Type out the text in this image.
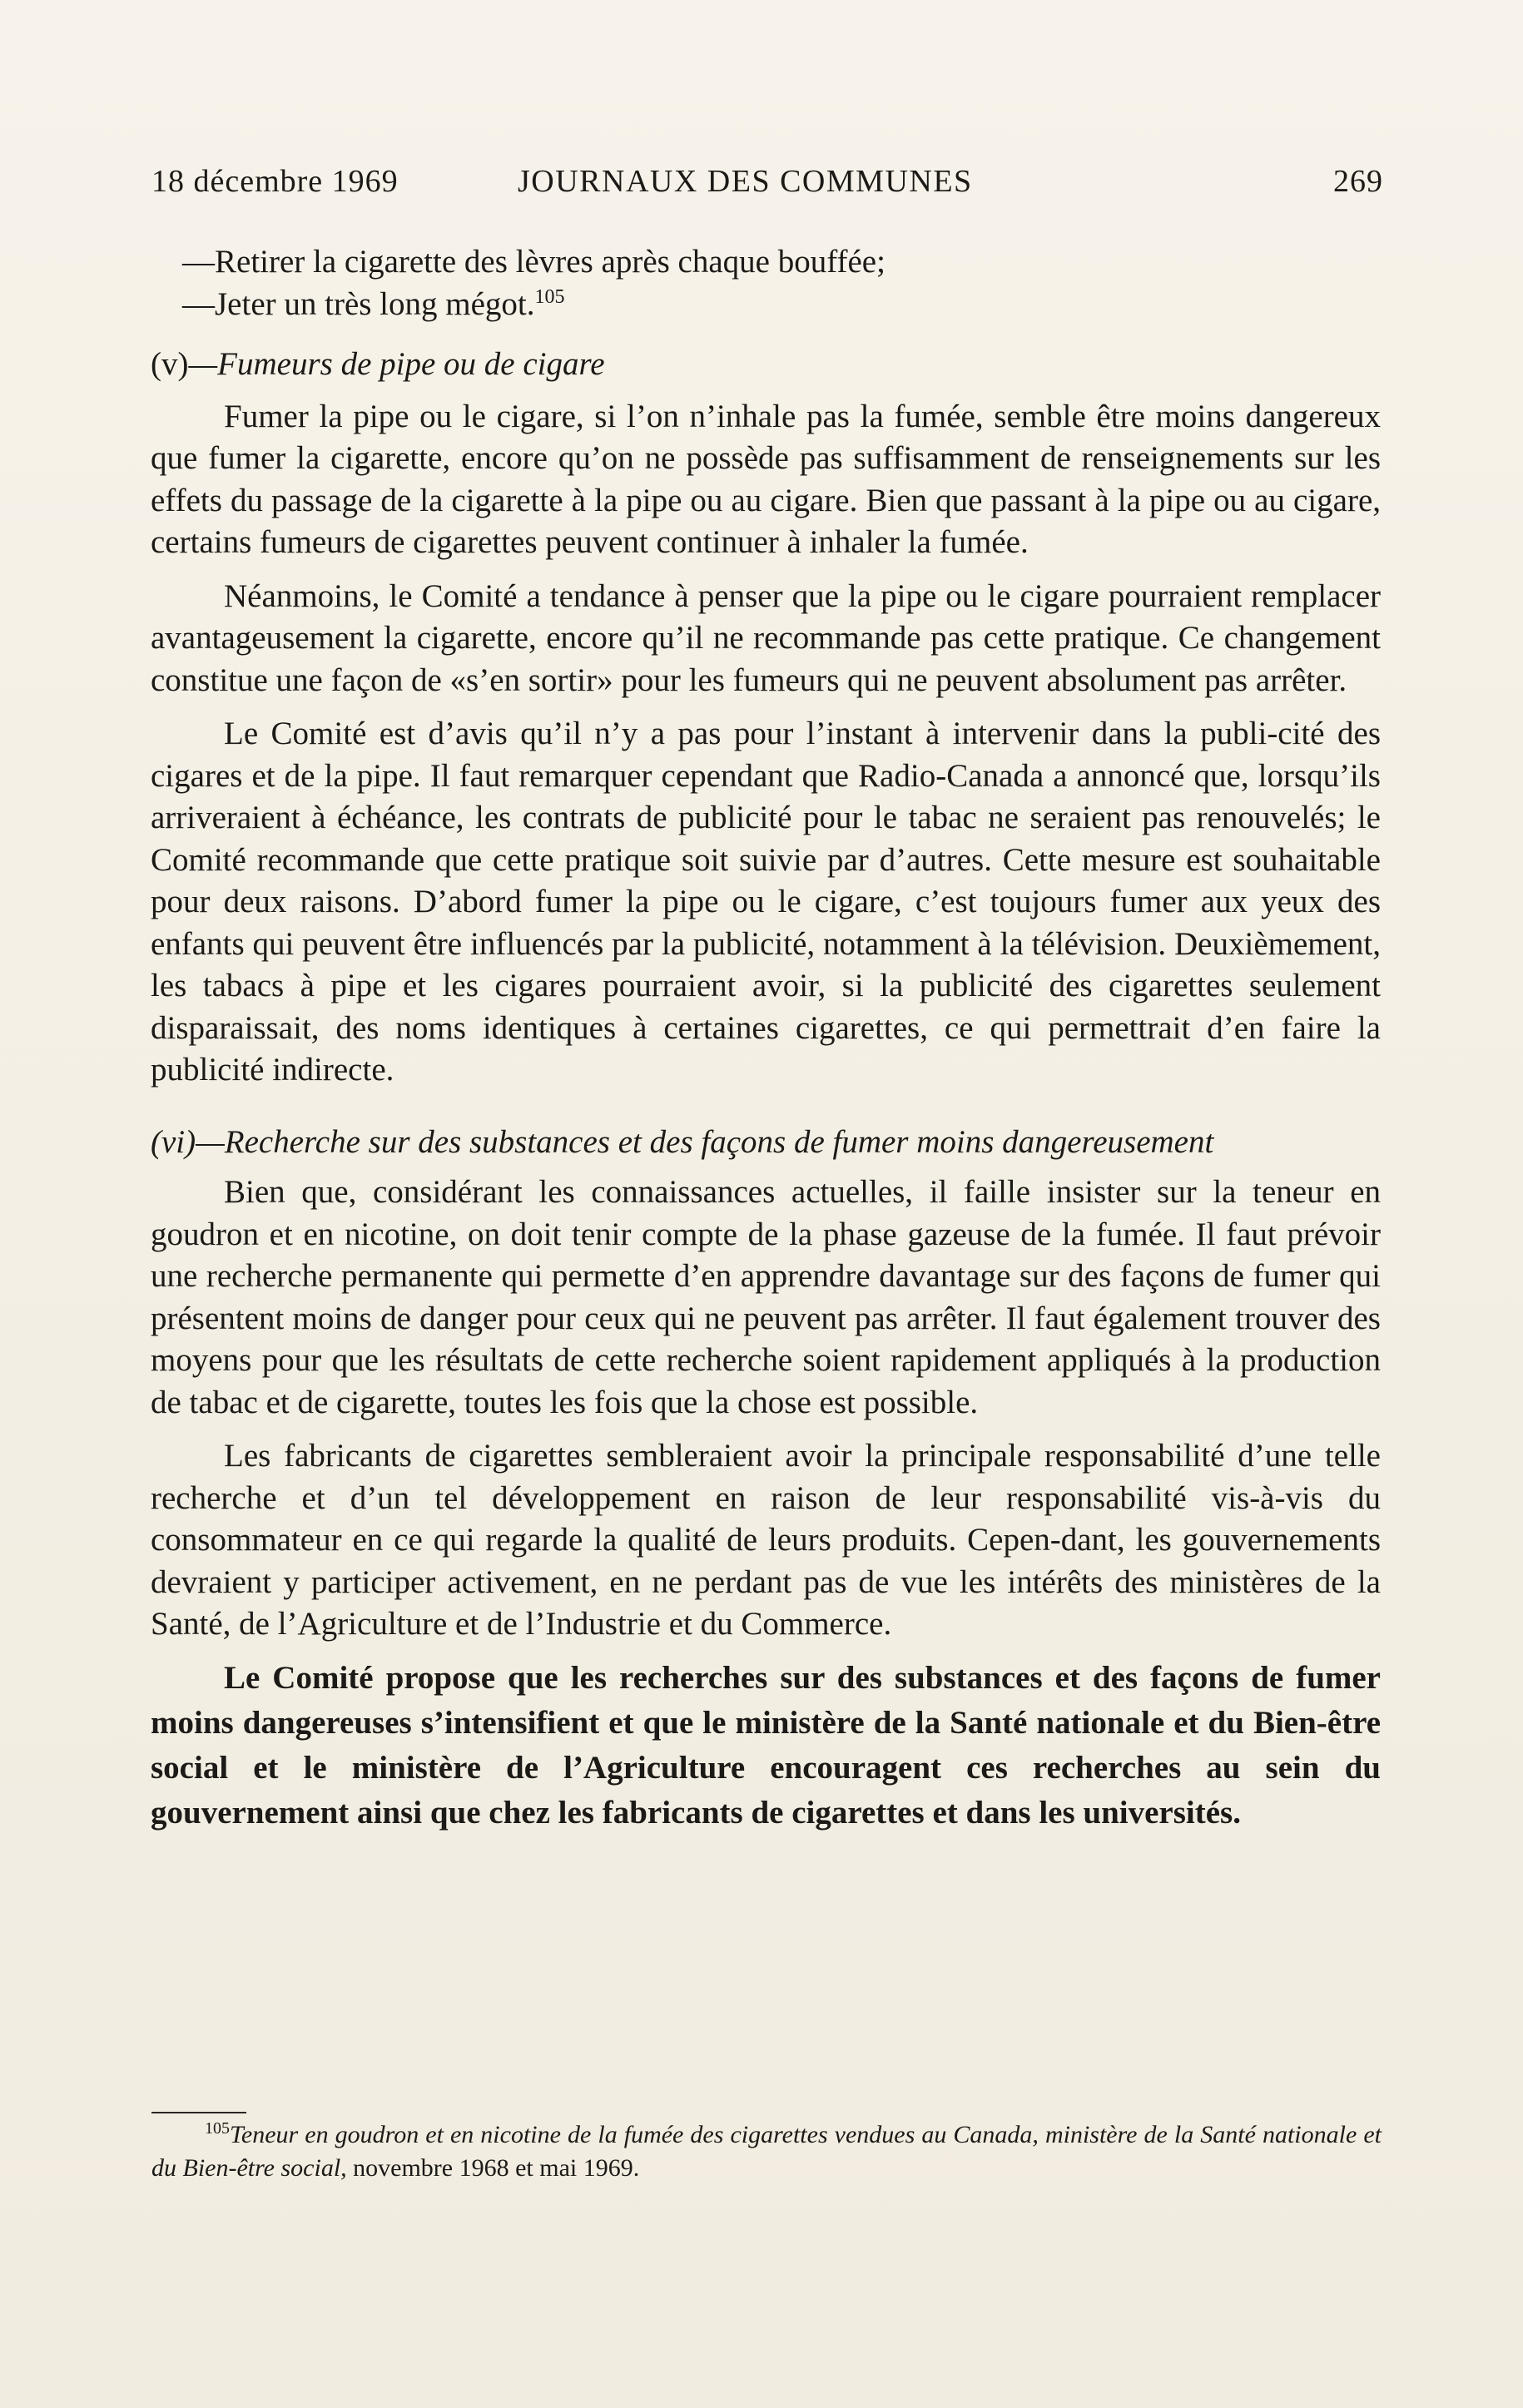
18 décembre 1969	JOURNAUX DES COMMUNES	269

—Retirer la cigarette des lèvres après chaque bouffée;

—Jeter un très long mégot.$^{105}$

(v)—Fumeurs de pipe ou de cigare

Fumer la pipe ou le cigare, si l’on n’inhale pas la fumée, semble être moins dangereux que fumer la cigarette, encore qu’on ne possède pas suffisamment de renseignements sur les effets du passage de la cigarette à la pipe ou au cigare. Bien que passant à la pipe ou au cigare, certains fumeurs de cigarettes peuvent continuer à inhaler la fumée.

Néanmoins, le Comité a tendance à penser que la pipe ou le cigare pourraient remplacer avantageusement la cigarette, encore qu’il ne recommande pas cette pratique. Ce changement constitue une façon de «s’en sortir» pour les fumeurs qui ne peuvent absolument pas arrêter.

Le Comité est d’avis qu’il n’y a pas pour l’instant à intervenir dans la publi-cité des cigares et de la pipe. Il faut remarquer cependant que Radio-Canada a annoncé que, lorsqu’ils arriveraient à échéance, les contrats de publicité pour le tabac ne seraient pas renouvelés; le Comité recommande que cette pratique soit suivie par d’autres. Cette mesure est souhaitable pour deux raisons. D’abord fumer la pipe ou le cigare, c’est toujours fumer aux yeux des enfants qui peuvent être influencés par la publicité, notamment à la télévision. Deuxièmement, les tabacs à pipe et les cigares pourraient avoir, si la publicité des cigarettes seulement disparaissait, des noms identiques à certaines cigarettes, ce qui permettrait d’en faire la publicité indirecte.

(vi)—Recherche sur des substances et des façons de fumer moins dangereusement

Bien que, considérant les connaissances actuelles, il faille insister sur la teneur en goudron et en nicotine, on doit tenir compte de la phase gazeuse de la fumée. Il faut prévoir une recherche permanente qui permette d’en apprendre davantage sur des façons de fumer qui présentent moins de danger pour ceux qui ne peuvent pas arrêter. Il faut également trouver des moyens pour que les résultats de cette recherche soient rapidement appliqués à la production de tabac et de cigarette, toutes les fois que la chose est possible.

Les fabricants de cigarettes sembleraient avoir la principale responsabilité d’une telle recherche et d’un tel développement en raison de leur responsabilité vis-à-vis du consommateur en ce qui regarde la qualité de leurs produits. Cepen-dant, les gouvernements devraient y participer activement, en ne perdant pas de vue les intérêts des ministères de la Santé, de l’Agriculture et de l’Industrie et du Commerce.

Le Comité propose que les recherches sur des substances et des façons de fumer moins dangereuses s’intensifient et que le ministère de la Santé nationale et du Bien-être social et le ministère de l’Agriculture encouragent ces recherches au sein du gouvernement ainsi que chez les fabricants de cigarettes et dans les universités.

$^{105}$Teneur en goudron et en nicotine de la fumée des cigarettes vendues au Canada, ministère de la Santé nationale et du Bien-être social, novembre 1968 et mai 1969.
